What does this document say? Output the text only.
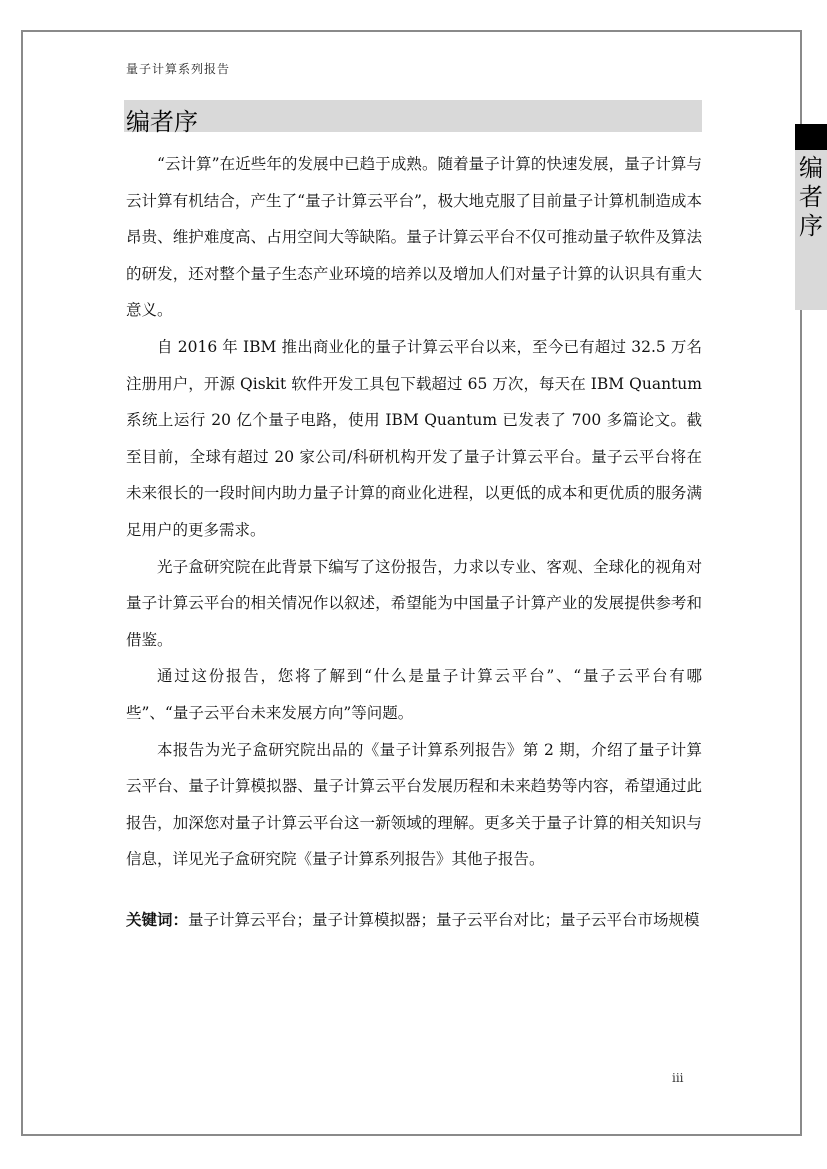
量子计算系列报告
编者序
编者序

“云计算”在近些年的发展中已趋于成熟。随着量子计算的快速发展，量子计算与云计算有机结合，产生了“量子计算云平台”，极大地克服了目前量子计算机制造成本昂贵、维护难度高、占用空间大等缺陷。量子计算云平台不仅可推动量子软件及算法的研发，还对整个量子生态产业环境的培养以及增加人们对量子计算的认识具有重大意义。

自 2016 年 IBM 推出商业化的量子计算云平台以来，至今已有超过 32.5 万名注册用户，开源 Qiskit 软件开发工具包下载超过 65 万次，每天在 IBM Quantum 系统上运行 20 亿个量子电路，使用 IBM Quantum 已发表了 700 多篇论文。截至目前，全球有超过 20 家公司/科研机构开发了量子计算云平台。量子云平台将在未来很长的一段时间内助力量子计算的商业化进程，以更低的成本和更优质的服务满足用户的更多需求。

光子盒研究院在此背景下编写了这份报告，力求以专业、客观、全球化的视角对量子计算云平台的相关情况作以叙述，希望能为中国量子计算产业的发展提供参考和借鉴。

通过这份报告，您将了解到“什么是量子计算云平台”、“量子云平台有哪些”、“量子云平台未来发展方向”等问题。

本报告为光子盒研究院出品的《量子计算系列报告》第 2 期，介绍了量子计算云平台、量子计算模拟器、量子计算云平台发展历程和未来趋势等内容，希望通过此报告，加深您对量子计算云平台这一新领域的理解。更多关于量子计算的相关知识与信息，详见光子盒研究院《量子计算系列报告》其他子报告。

关键词：量子计算云平台；量子计算模拟器；量子云平台对比；量子云平台市场规模
iii
